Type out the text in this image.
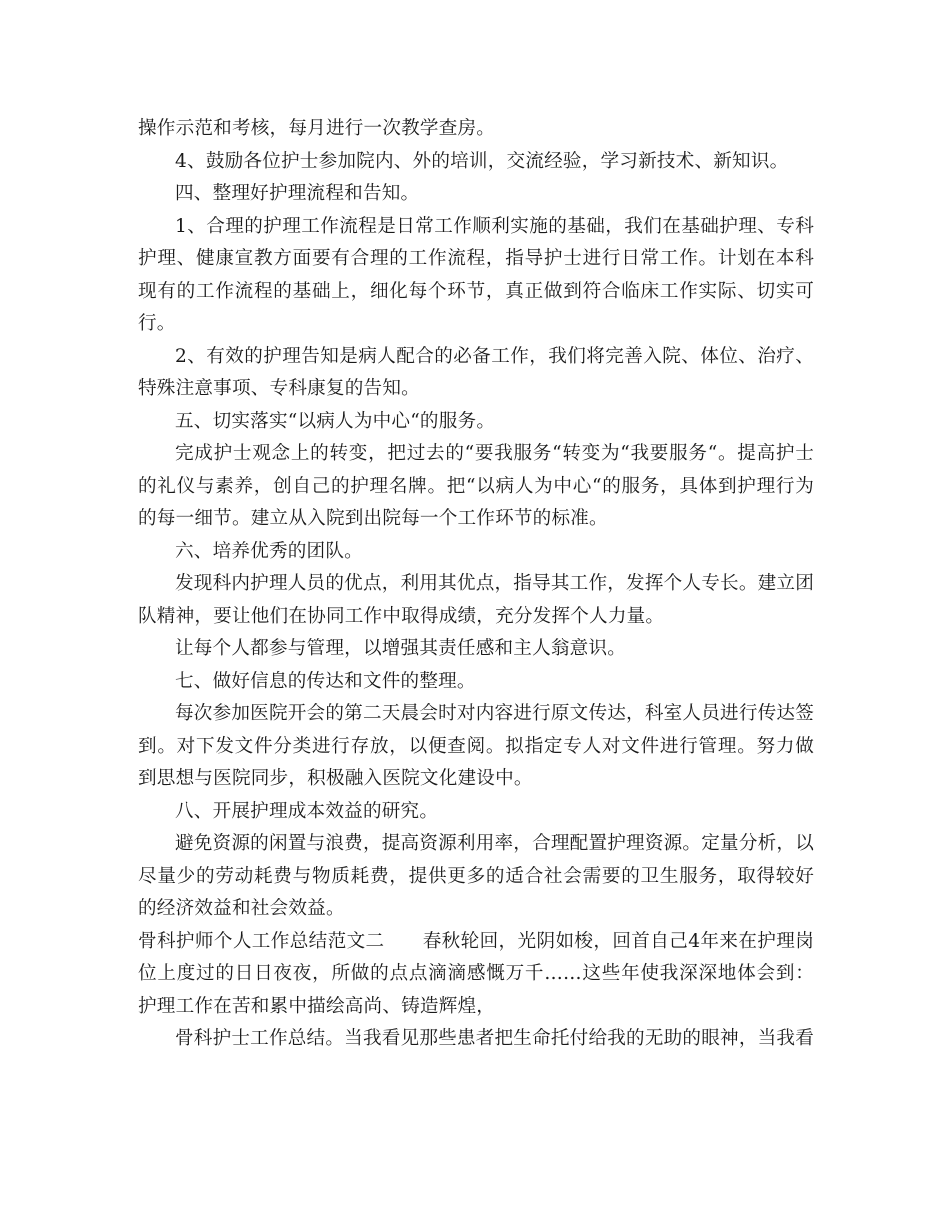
操作示范和考核，每月进行一次教学查房。

4、鼓励各位护士参加院内、外的培训，交流经验，学习新技术、新知识。

四、整理好护理流程和告知。

1、合理的护理工作流程是日常工作顺利实施的基础，我们在基础护理、专科护理、健康宣教方面要有合理的工作流程，指导护士进行日常工作。计划在本科现有的工作流程的基础上，细化每个环节，真正做到符合临床工作实际、切实可行。

2、有效的护理告知是病人配合的必备工作，我们将完善入院、体位、治疗、特殊注意事项、专科康复的告知。

五、切实落实“以病人为中心“的服务。

完成护士观念上的转变，把过去的“要我服务“转变为“我要服务“。提高护士的礼仪与素养，创自己的护理名牌。把“以病人为中心“的服务，具体到护理行为的每一细节。建立从入院到出院每一个工作环节的标准。

六、培养优秀的团队。

发现科内护理人员的优点，利用其优点，指导其工作，发挥个人专长。建立团队精神，要让他们在协同工作中取得成绩，充分发挥个人力量。

让每个人都参与管理，以增强其责任感和主人翁意识。

七、做好信息的传达和文件的整理。

每次参加医院开会的第二天晨会时对内容进行原文传达，科室人员进行传达签到。对下发文件分类进行存放，以便查阅。拟指定专人对文件进行管理。努力做到思想与医院同步，积极融入医院文化建设中。

八、开展护理成本效益的研究。

避免资源的闲置与浪费，提高资源利用率，合理配置护理资源。定量分析，以尽量少的劳动耗费与物质耗费，提供更多的适合社会需要的卫生服务，取得较好的经济效益和社会效益。

骨科护师个人工作总结范文二 春秋轮回，光阴如梭，回首自己4年来在护理岗位上度过的日日夜夜，所做的点点滴滴感慨万千……这些年使我深深地体会到：护理工作在苦和累中描绘高尚、铸造辉煌，

骨科护士工作总结。当我看见那些患者把生命托付给我的无助的眼神，当我看
